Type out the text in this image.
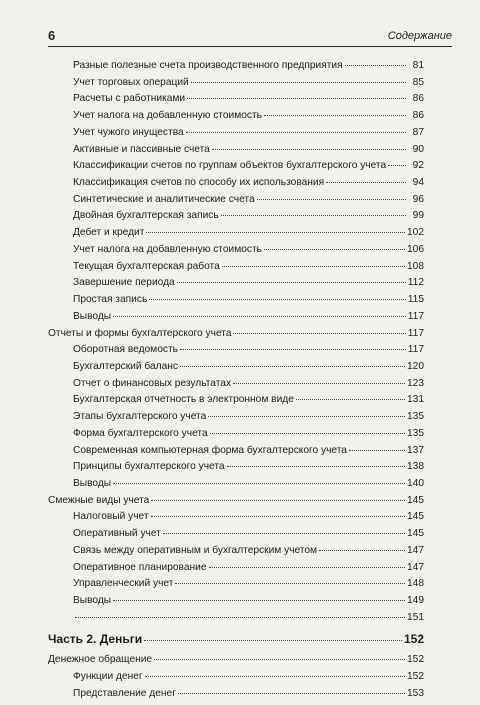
6	Содержание
Разные полезные счета производственного предприятия	81
Учет торговых операций	85
Расчеты с работниками	86
Учет налога на добавленную стоимость	86
Учет чужого инущества	87
Активные и пассивные счета	90
Классификации счетов по группам объектов бухгалтерского учета	92
Классификация счетов по способу их использования	94
Синтетические и аналитические счета	96
Двойная бухгалтерская запись	99
Дебет и кредит	102
Учет налога на добавленную стоимость	106
Текущая бухгалтерская работа	108
Завершение периода	112
Простая запись	115
Выводы	117
Отчеты и формы бухгалтерского учета	117
Оборотная ведомость	117
Бухгалтерский баланс	120
Отчет о финансовых результатах	123
Бухгалтерская отчетность в электронном виде	131
Этапы бухгалтерского учета	135
Форма бухгалтерского учета	135
Современная компьютерная форма бухгалтерского учета	137
Принципы бухгалтерского учета	138
Выводы	140
Смежные виды учета	145
Налоговый учет	145
Оперативный учет	145
Связь между оперативным и бухгалтерским учетом	147
Оперативное планирование	147
Управленческий учет	148
Выводы	149
151
Часть 2. Деньги	152
Денежное обращение	152
Функции денег	152
Представление денег	153
